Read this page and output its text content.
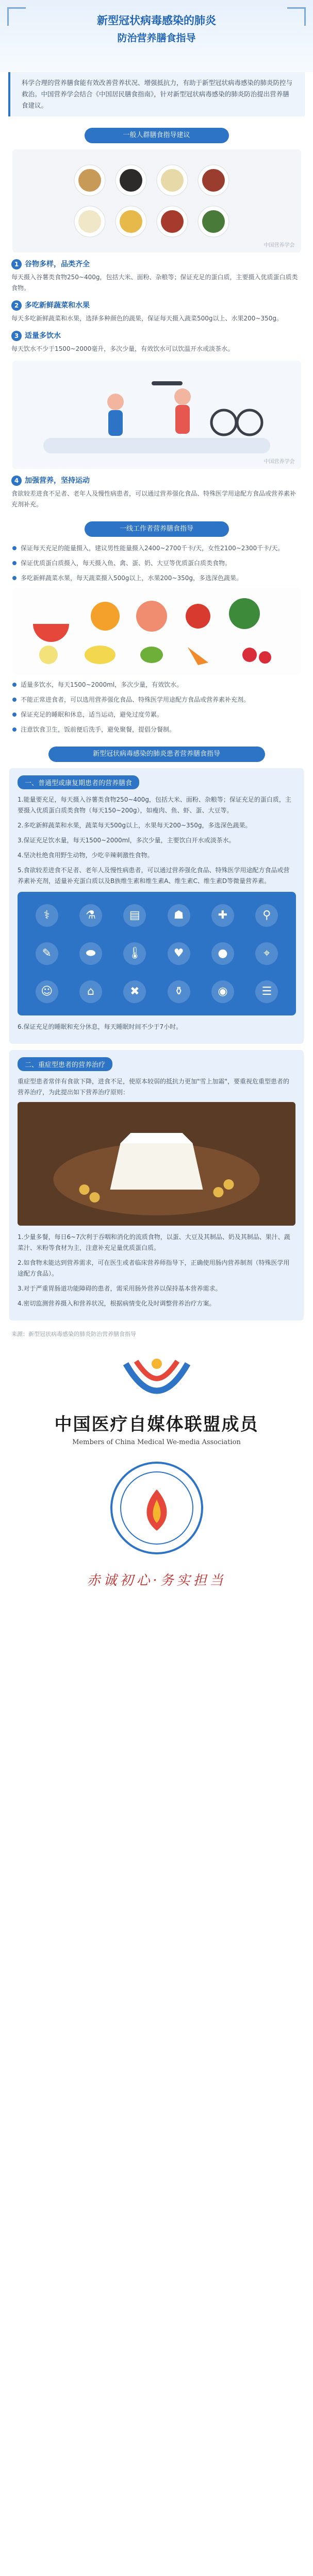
新型冠状病毒感染的肺炎
防治营养膳食指导
科学合理的营养膳食能有效改善营养状况、增强抵抗力，有助于新型冠状病毒感染的肺炎防控与救治。中国营养学会结合《中国居民膳食指南》，针对新型冠状病毒感染的肺炎防治提出营养膳食建议。
一般人群膳食指导建议
中国营养学会
1 谷物多样，品类齐全
每天摄入谷薯类食物250~400g，包括大米、面粉、杂粮等；保证充足的蛋白质，主要摄入优质蛋白质类食物。
2 多吃新鲜蔬菜和水果
每天多吃新鲜蔬菜和水果，选择多种颜色的蔬果，保证每天摄入蔬菜500g以上、水果200~350g。
3 适量多饮水
每天饮水不少于1500~2000毫升，多次少量，有效饮水可以饮温开水或淡茶水。
中国营养学会
4 加强营养，坚持运动
食欲较差进食不足者、老年人及慢性病患者，可以通过营养强化食品、特殊医学用途配方食品或营养素补充剂补充。
一线工作者营养膳食指导
保证每天充足的能量摄入，建议男性能量摄入2400~2700千卡/天，女性2100~2300千卡/天。
保证优质蛋白质摄入，每天摄入鱼、禽、蛋、奶、大豆等优质蛋白质类食物。
多吃新鲜蔬菜水果，每天蔬菜摄入500g以上，水果200~350g，多选深色蔬果。
适量多饮水，每天1500~2000ml，多次少量，有效饮水。
不能正常进食者，可以选用营养强化食品、特殊医学用途配方食品或营养素补充剂。
保证充足的睡眠和休息，适当运动，避免过度劳累。
注意饮食卫生，饭前便后洗手，避免聚餐，提倡分餐制。
新型冠状病毒感染的肺炎患者营养膳食指导
一、普通型或康复期患者的营养膳食

1.能量要充足，每天摄入谷薯类食物250~400g，包括大米、面粉、杂粮等；保证充足的蛋白质，主要摄入优质蛋白质类食物（每天150~200g），如瘦肉、鱼、虾、蛋、大豆等。

2.多吃新鲜蔬菜和水果，蔬菜每天500g以上，水果每天200~350g，多选深色蔬果。

3.保证充足饮水量，每天1500~2000ml，多次少量，主要饮白开水或淡茶水。

4.坚决杜绝食用野生动物，少吃辛辣刺激性食物。

5.食欲较差进食不足者、老年人及慢性病患者，可以通过营养强化食品、特殊医学用途配方食品或营养素补充剂，适量补充蛋白质以及B族维生素和维生素A、维生素C、维生素D等微量营养素。

⚕	⚗	▤	☗	✚	⚲
✎	⬬	🌡	♥	●	⌖
☺	⌂	✖	⚱	◉	☰

6.保证充足的睡眠和充分休息，每天睡眠时间不少于7小时。

二、重症型患者的营养治疗

重症型患者常伴有食欲下降，进食不足，使原本较弱的抵抗力更加"雪上加霜"，要重视危重型患者的营养治疗，为此提出如下营养治疗原则：

1.少量多餐，每日6~7次利于吞咽和消化的流质食物，以蛋、大豆及其制品、奶及其制品、果汁、蔬菜汁、米粉等食材为主，注意补充足量优质蛋白质。

2.如食物未能达到营养需求，可在医生或者临床营养师指导下，正确使用肠内营养制剂（特殊医学用途配方食品）。

3.对于严重胃肠道功能障碍的患者，需采用肠外营养以保持基本营养需求。

4.密切监测营养摄入和营养状况，根据病情变化及时调整营养治疗方案。

来源：新型冠状病毒感染的肺炎防治营养膳食指导
中国医疗自媒体联盟成员
Members of China Medical We-media Association
赤诚初心·务实担当
